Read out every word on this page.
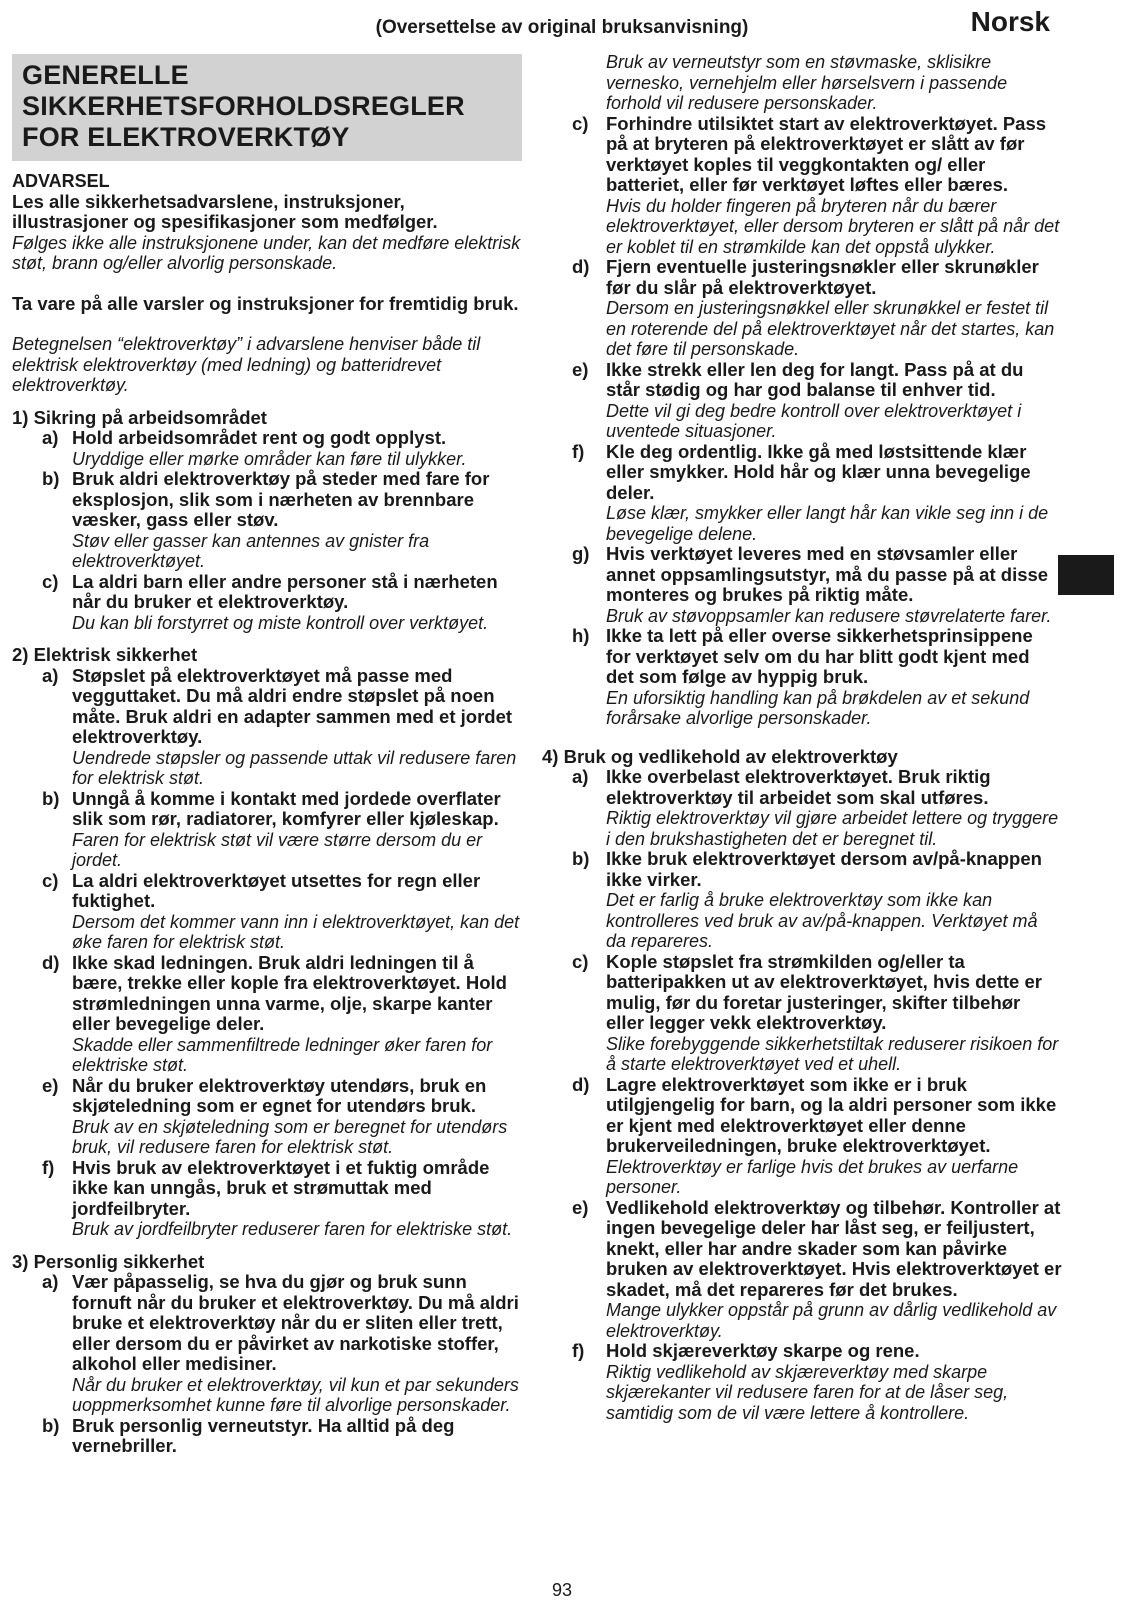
(Oversettelse av original bruksanvisning)	Norsk
GENERELLE
SIKKERHETSFORHOLDSREGLER
FOR ELEKTROVERKTØY
ADVARSEL
Les alle sikkerhetsadvarslene, instruksjoner, illustrasjoner og spesifikasjoner som medfølger.
Følges ikke alle instruksjonene under, kan det medføre elektrisk støt, brann og/eller alvorlig personskade.
Ta vare på alle varsler og instruksjoner for fremtidig bruk.
Betegnelsen “elektroverktøy” i advarslene henviser både til elektrisk elektroverktøy (med ledning) og batteridrevet elektroverktøy.
1) Sikring på arbeidsområdet
a) Hold arbeidsområdet rent og godt opplyst.
Uryddige eller mørke områder kan føre til ulykker.
b) Bruk aldri elektroverktøy på steder med fare for eksplosjon, slik som i nærheten av brennbare væsker, gass eller støv.
Støv eller gasser kan antennes av gnister fra elektroverktøyet.
c) La aldri barn eller andre personer stå i nærheten når du bruker et elektroverktøy.
Du kan bli forstyrret og miste kontroll over verktøyet.
2) Elektrisk sikkerhet
a) Støpslet på elektroverktøyet må passe med vegguttaket. Du må aldri endre støpslet på noen måte. Bruk aldri en adapter sammen med et jordet elektroverktøy.
Uendrede støpsler og passende uttak vil redusere faren for elektrisk støt.
b) Unngå å komme i kontakt med jordede overflater slik som rør, radiatorer, komfyrer eller kjøleskap.
Faren for elektrisk støt vil være større dersom du er jordet.
c) La aldri elektroverktøyet utsettes for regn eller fuktighet.
Dersom det kommer vann inn i elektroverktøyet, kan det øke faren for elektrisk støt.
d) Ikke skad ledningen. Bruk aldri ledningen til å bære, trekke eller kople fra elektroverktøyet. Hold strømledningen unna varme, olje, skarpe kanter eller bevegelige deler.
Skadde eller sammenfiltrede ledninger øker faren for elektriske støt.
e) Når du bruker elektroverktøy utendørs, bruk en skjøteledning som er egnet for utendørs bruk.
Bruk av en skjøteledning som er beregnet for utendørs bruk, vil redusere faren for elektrisk støt.
f) Hvis bruk av elektroverktøyet i et fuktig område ikke kan unngås, bruk et strømuttak med jordfeilbryter.
Bruk av jordfeilbryter reduserer faren for elektriske støt.
3) Personlig sikkerhet
a) Vær påpasselig, se hva du gjør og bruk sunn fornuft når du bruker et elektroverktøy. Du må aldri bruke et elektroverktøy når du er sliten eller trett, eller dersom du er påvirket av narkotiske stoffer, alkohol eller medisiner.
Når du bruker et elektroverktøy, vil kun et par sekunders uoppmerksomhet kunne føre til alvorlige personskader.
b) Bruk personlig verneutstyr. Ha alltid på deg vernebriller.
Bruk av verneutstyr som en støvmaske, sklisikre vernesko, vernehjelm eller hørselsvern i passende forhold vil redusere personskader.
c) Forhindre utilsiktet start av elektroverktøyet. Pass på at bryteren på elektroverktøyet er slått av før verktøyet koples til veggkontakten og/ eller batteriet, eller før verktøyet løftes eller bæres.
Hvis du holder fingeren på bryteren når du bærer elektroverktøyet, eller dersom bryteren er slått på når det er koblet til en strømkilde kan det oppstå ulykker.
d) Fjern eventuelle justeringsnøkler eller skrunøkler før du slår på elektroverktøyet.
Dersom en justeringsnøkkel eller skrunøkkel er festet til en roterende del på elektroverktøyet når det startes, kan det føre til personskade.
e) Ikke strekk eller len deg for langt. Pass på at du står stødig og har god balanse til enhver tid.
Dette vil gi deg bedre kontroll over elektroverktøyet i uventede situasjoner.
f) Kle deg ordentlig. Ikke gå med løstsittende klær eller smykker. Hold hår og klær unna bevegelige deler.
Løse klær, smykker eller langt hår kan vikle seg inn i de bevegelige delene.
g) Hvis verktøyet leveres med en støvsamler eller annet oppsamlingsutstyr, må du passe på at disse monteres og brukes på riktig måte.
Bruk av støvoppsamler kan redusere støvrelaterte farer.
h) Ikke ta lett på eller overse sikkerhetsprinsippene for verktøyet selv om du har blitt godt kjent med det som følge av hyppig bruk.
En uforsiktig handling kan på brøkdelen av et sekund forårsake alvorlige personskader.
4) Bruk og vedlikehold av elektroverktøy
a) Ikke overbelast elektroverktøyet. Bruk riktig elektroverktøy til arbeidet som skal utføres.
Riktig elektroverktøy vil gjøre arbeidet lettere og tryggere i den brukshastigheten det er beregnet til.
b) Ikke bruk elektroverktøyet dersom av/på-knappen ikke virker.
Det er farlig å bruke elektroverktøy som ikke kan kontrolleres ved bruk av av/på-knappen. Verktøyet må da repareres.
c) Kople støpslet fra strømkilden og/eller ta batteripakken ut av elektroverktøyet, hvis dette er mulig, før du foretar justeringer, skifter tilbehør eller legger vekk elektroverktøy.
Slike forebyggende sikkerhetstiltak reduserer risikoen for å starte elektroverktøyet ved et uhell.
d) Lagre elektroverktøyet som ikke er i bruk utilgjengelig for barn, og la aldri personer som ikke er kjent med elektroverktøyet eller denne brukerveiledningen, bruke elektroverktøyet.
Elektroverktøy er farlige hvis det brukes av uerfarne personer.
e) Vedlikehold elektroverktøy og tilbehør. Kontroller at ingen bevegelige deler har låst seg, er feiljustert, knekt, eller har andre skader som kan påvirke bruken av elektroverktøyet. Hvis elektroverktøyet er skadet, må det repareres før det brukes.
Mange ulykker oppstår på grunn av dårlig vedlikehold av elektroverktøy.
f) Hold skjæreverktøy skarpe og rene.
Riktig vedlikehold av skjæreverktøy med skarpe skjærekanter vil redusere faren for at de låser seg, samtidig som de vil være lettere å kontrollere.
93
